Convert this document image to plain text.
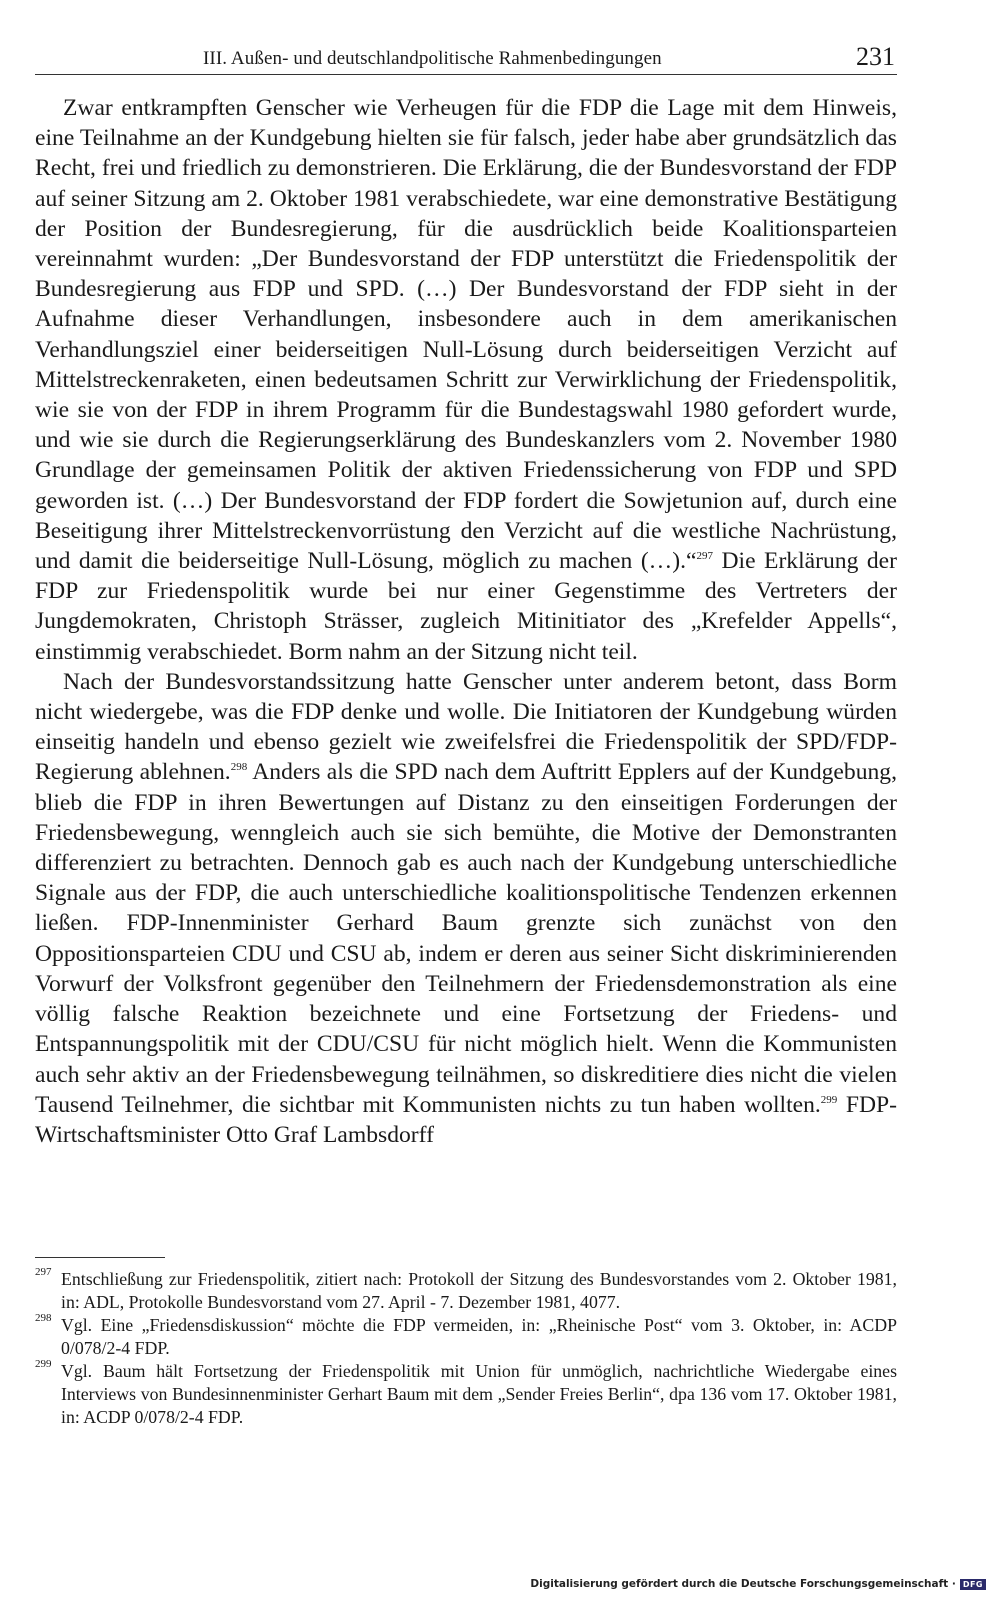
III. Außen- und deutschlandpolitische Rahmenbedingungen	231

Zwar entkrampften Genscher wie Verheugen für die FDP die Lage mit dem Hinweis, eine Teilnahme an der Kundgebung hielten sie für falsch, jeder habe aber grundsätzlich das Recht, frei und friedlich zu demonstrieren. Die Erklärung, die der Bundesvorstand der FDP auf seiner Sitzung am 2. Oktober 1981 verabschiedete, war eine demonstrative Bestätigung der Position der Bundesregierung, für die ausdrücklich beide Koalitionsparteien vereinnahmt wurden: „Der Bundesvorstand der FDP unterstützt die Friedenspolitik der Bundesregierung aus FDP und SPD. (…) Der Bundesvorstand der FDP sieht in der Aufnahme dieser Verhandlungen, insbesondere auch in dem amerikanischen Verhandlungsziel einer beiderseitigen Null-Lösung durch beiderseitigen Verzicht auf Mittelstreckenraketen, einen bedeutsamen Schritt zur Verwirklichung der Friedenspolitik, wie sie von der FDP in ihrem Programm für die Bundestagswahl 1980 gefordert wurde, und wie sie durch die Regierungserklärung des Bundeskanzlers vom 2. November 1980 Grundlage der gemeinsamen Politik der aktiven Friedenssicherung von FDP und SPD geworden ist. (…) Der Bundesvorstand der FDP fordert die Sowjetunion auf, durch eine Beseitigung ihrer Mittelstreckenvorrüstung den Verzicht auf die westliche Nachrüstung, und damit die beiderseitige Null-Lösung, möglich zu machen (…).“$^{297}$ Die Erklärung der FDP zur Friedenspolitik wurde bei nur einer Gegenstimme des Vertreters der Jungdemokraten, Christoph Strässer, zugleich Mitinitiator des „Krefelder Appells“, einstimmig verabschiedet. Borm nahm an der Sitzung nicht teil.

Nach der Bundesvorstandssitzung hatte Genscher unter anderem betont, dass Borm nicht wiedergebe, was die FDP denke und wolle. Die Initiatoren der Kundgebung würden einseitig handeln und ebenso gezielt wie zweifelsfrei die Friedenspolitik der SPD/FDP-Regierung ablehnen.$^{298}$ Anders als die SPD nach dem Auftritt Epplers auf der Kundgebung, blieb die FDP in ihren Bewertungen auf Distanz zu den einseitigen Forderungen der Friedensbewegung, wenngleich auch sie sich bemühte, die Motive der Demonstranten differenziert zu betrachten. Dennoch gab es auch nach der Kundgebung unterschiedliche Signale aus der FDP, die auch unterschiedliche koalitionspolitische Tendenzen erkennen ließen. FDP-Innenminister Gerhard Baum grenzte sich zunächst von den Oppositionsparteien CDU und CSU ab, indem er deren aus seiner Sicht diskriminierenden Vorwurf der Volksfront gegenüber den Teilnehmern der Friedensdemonstration als eine völlig falsche Reaktion bezeichnete und eine Fortsetzung der Friedens- und Entspannungspolitik mit der CDU/CSU für nicht möglich hielt. Wenn die Kommunisten auch sehr aktiv an der Friedensbewegung teilnähmen, so diskreditiere dies nicht die vielen Tausend Teilnehmer, die sichtbar mit Kommunisten nichts zu tun haben wollten.$^{299}$ FDP-Wirtschaftsminister Otto Graf Lambsdorff

297 Entschließung zur Friedenspolitik, zitiert nach: Protokoll der Sitzung des Bundesvorstandes vom 2. Oktober 1981, in: ADL, Protokolle Bundesvorstand vom 27. April - 7. Dezember 1981, 4077.
298 Vgl. Eine „Friedensdiskussion“ möchte die FDP vermeiden, in: „Rheinische Post“ vom 3. Oktober, in: ACDP 0/078/2-4 FDP.
299 Vgl. Baum hält Fortsetzung der Friedenspolitik mit Union für unmöglich, nachrichtliche Wiedergabe eines Interviews von Bundesinnenminister Gerhart Baum mit dem „Sender Freies Berlin“, dpa 136 vom 17. Oktober 1981, in: ACDP 0/078/2-4 FDP.
Digitalisierung gefördert durch die Deutsche Forschungsgemeinschaft · DFG
